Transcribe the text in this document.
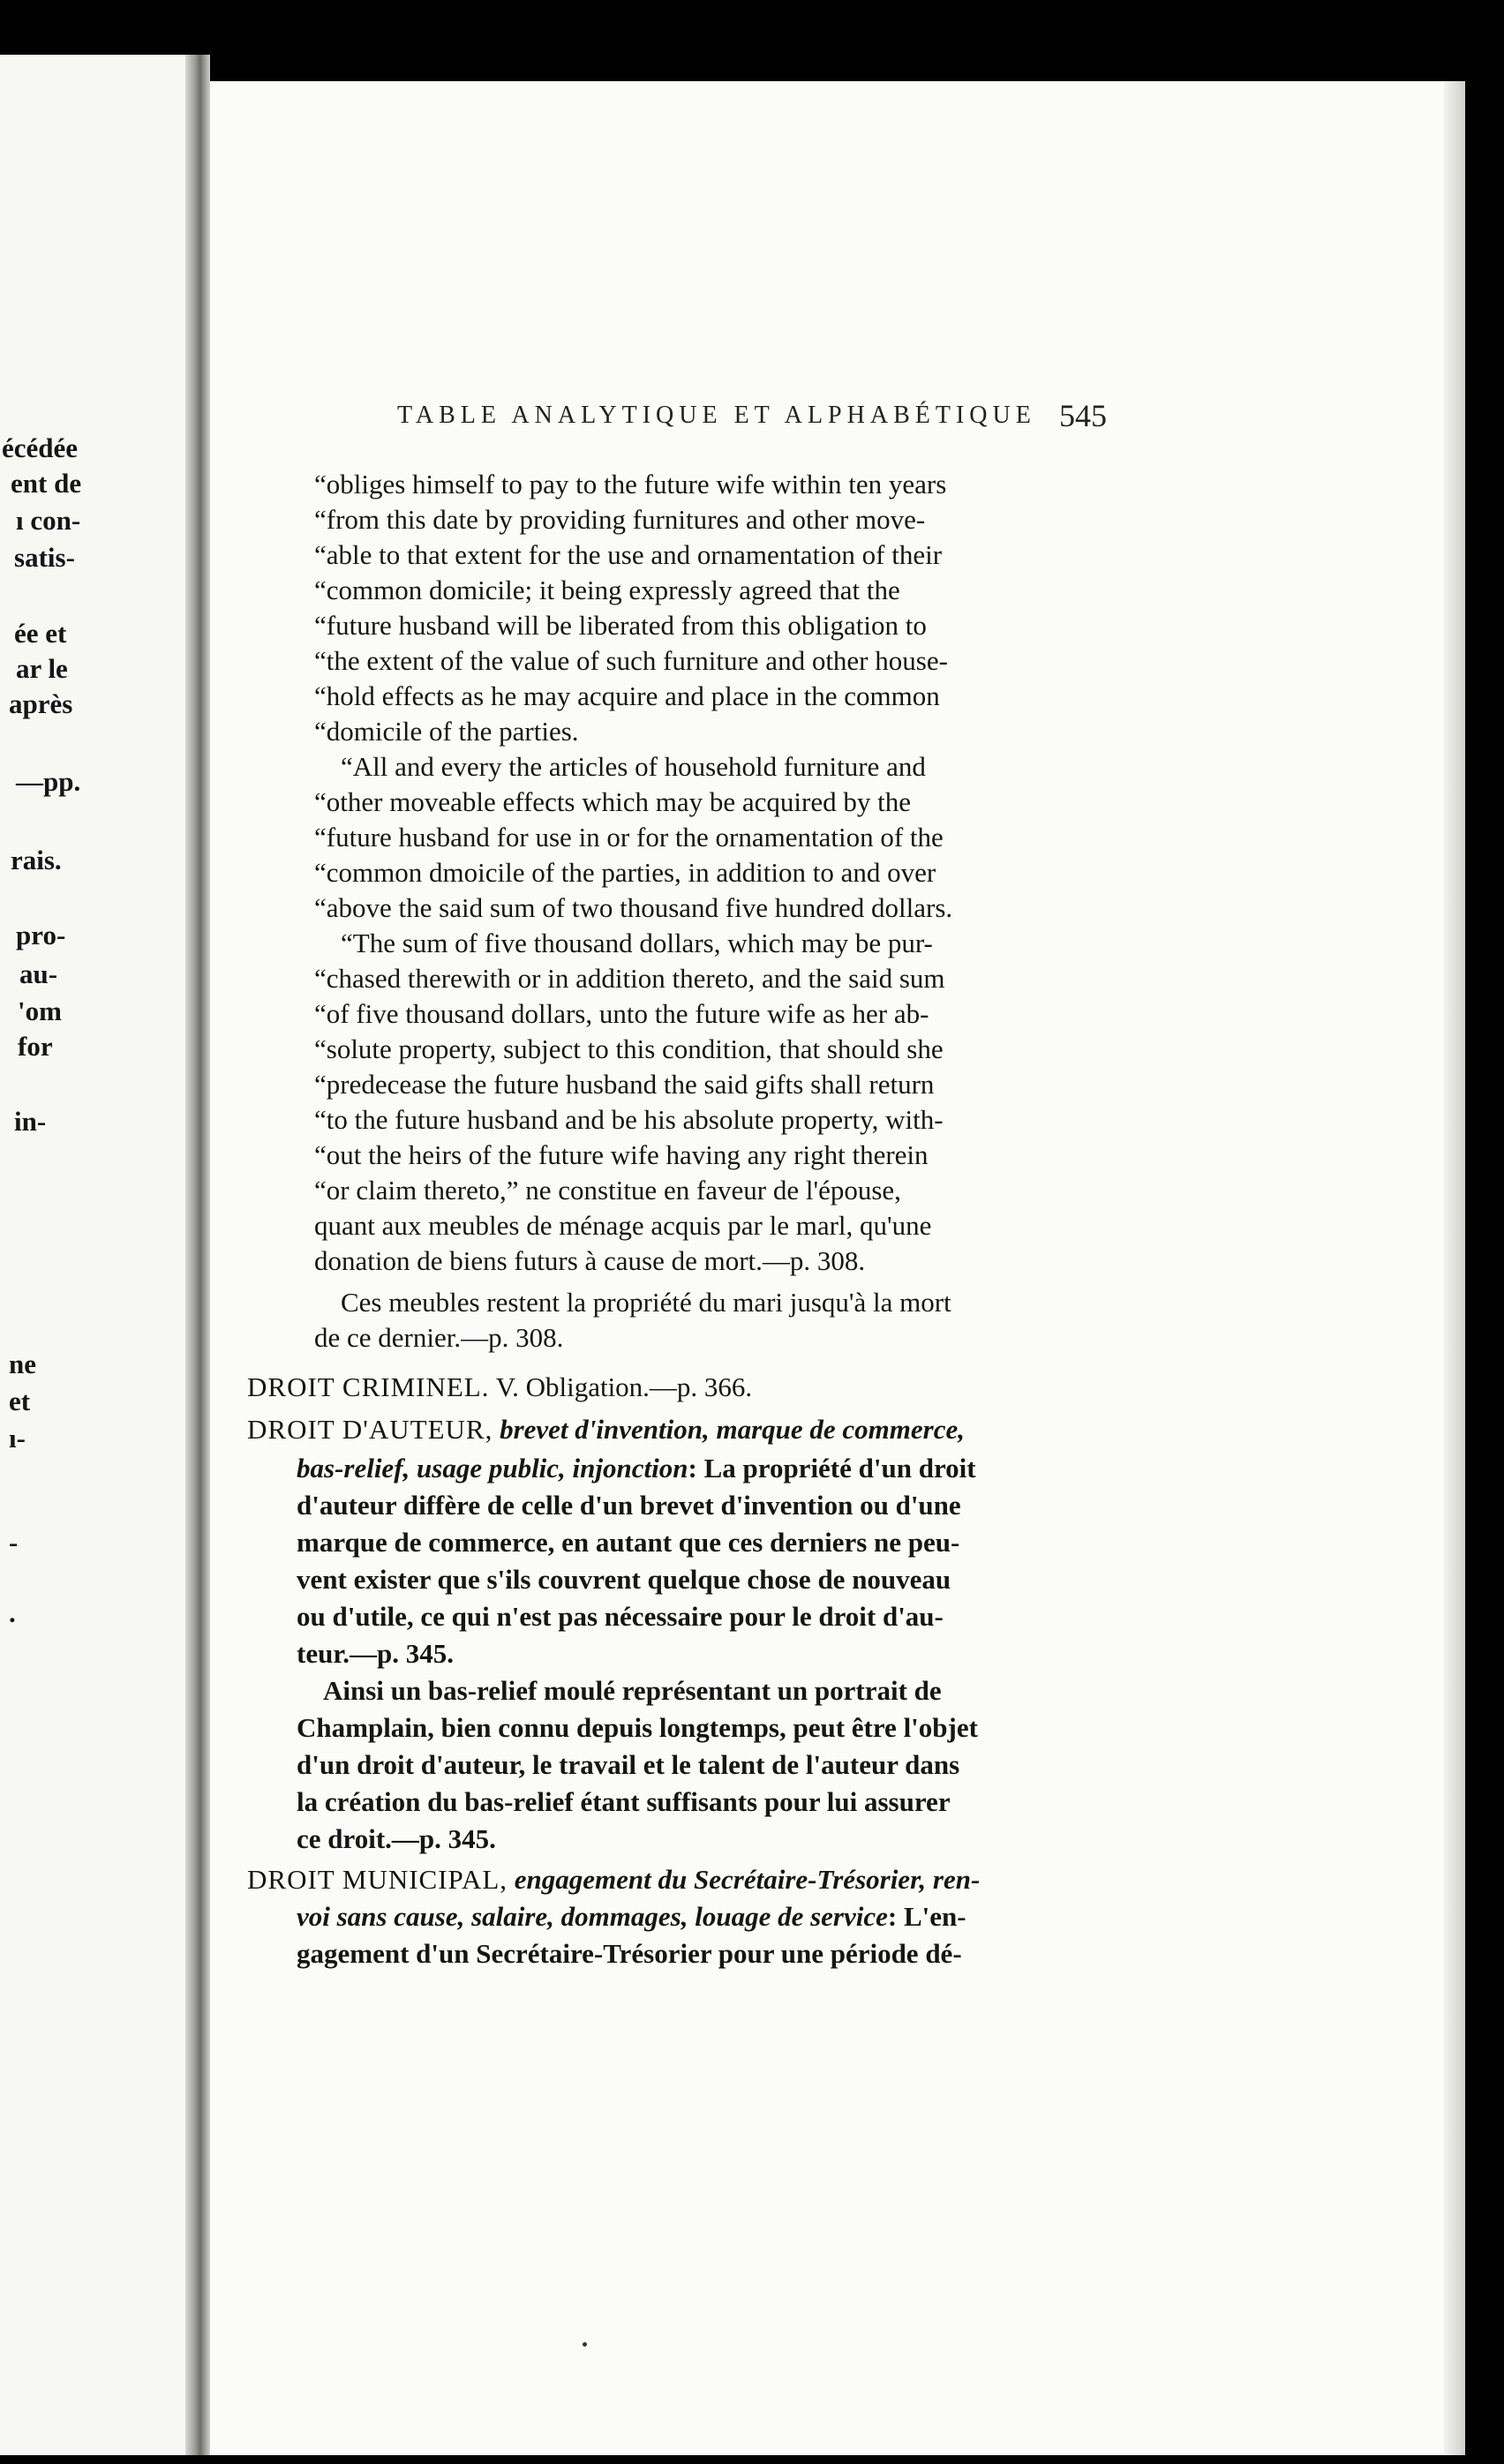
écédée
ent de
ı con-
satis-
ée et
ar le
après
—pp.
rais.
pro-
au-
'om
for
in-
ne
et
ı-
-
.
TABLE ANALYTIQUE ET ALPHABÉTIQUE 545
“obliges himself to pay to the future wife within ten years
“from this date by providing furnitures and other move-
“able to that extent for the use and ornamentation of their
“common domicile; it being expressly agreed that the
“future husband will be liberated from this obligation to
“the extent of the value of such furniture and other house-
“hold effects as he may acquire and place in the common
“domicile of the parties.
“All and every the articles of household furniture and
“other moveable effects which may be acquired by the
“future husband for use in or for the ornamentation of the
“common dmoicile of the parties, in addition to and over
“above the said sum of two thousand five hundred dollars.
“The sum of five thousand dollars, which may be pur-
“chased therewith or in addition thereto, and the said sum
“of five thousand dollars, unto the future wife as her ab-
“solute property, subject to this condition, that should she
“predecease the future husband the said gifts shall return
“to the future husband and be his absolute property, with-
“out the heirs of the future wife having any right therein
“or claim thereto,” ne constitue en faveur de l'épouse,
quant aux meubles de ménage acquis par le marl, qu'une
donation de biens futurs à cause de mort.—p. 308.
Ces meubles restent la propriété du mari jusqu'à la mort
de ce dernier.—p. 308.
DROIT CRIMINEL. V. Obligation.—p. 366.
DROIT D'AUTEUR, brevet d'invention, marque de commerce,
bas-relief, usage public, injonction: La propriété d'un droit
d'auteur diffère de celle d'un brevet d'invention ou d'une
marque de commerce, en autant que ces derniers ne peu-
vent exister que s'ils couvrent quelque chose de nouveau
ou d'utile, ce qui n'est pas nécessaire pour le droit d'au-
teur.—p. 345.
Ainsi un bas-relief moulé représentant un portrait de
Champlain, bien connu depuis longtemps, peut être l'objet
d'un droit d'auteur, le travail et le talent de l'auteur dans
la création du bas-relief étant suffisants pour lui assurer
ce droit.—p. 345.
DROIT MUNICIPAL, engagement du Secrétaire-Trésorier, ren-
voi sans cause, salaire, dommages, louage de service: L'en-
gagement d'un Secrétaire-Trésorier pour une période dé-
